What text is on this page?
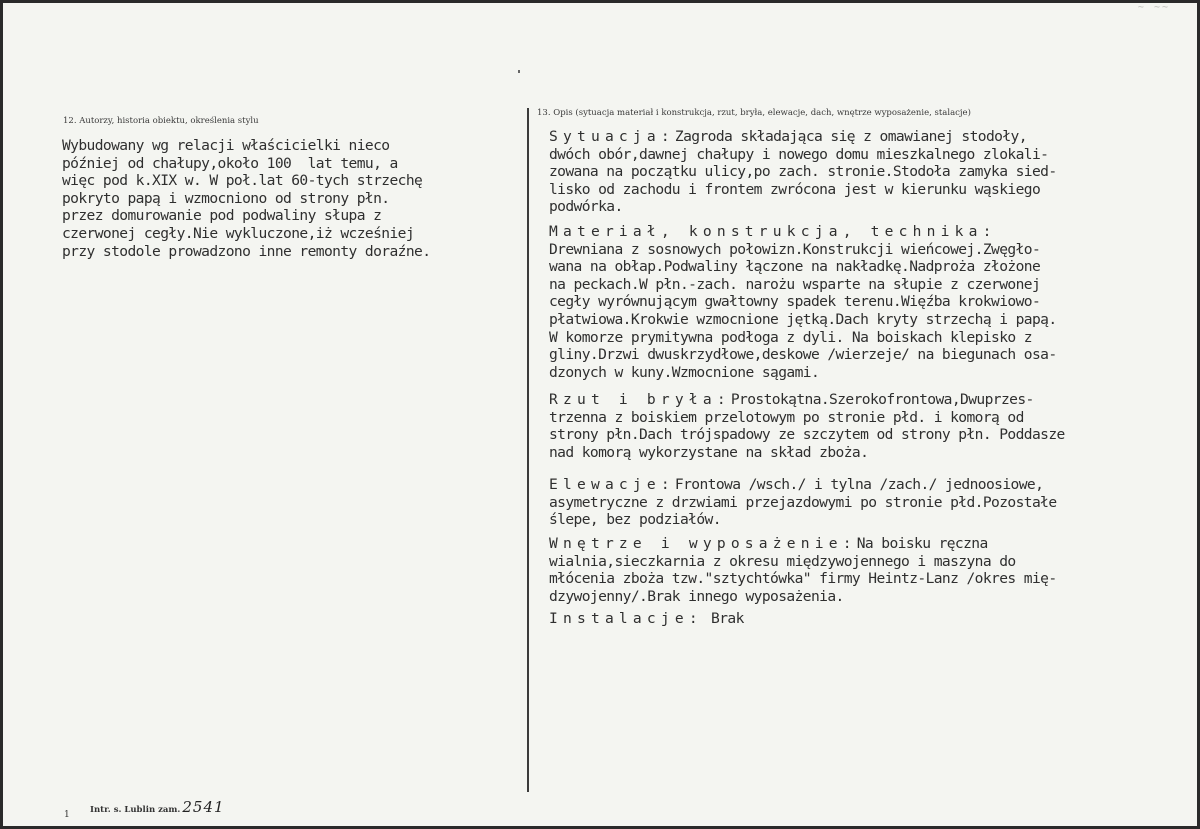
~ ~~
12. Autorzy, historia obiektu, określenia stylu
Wybudowany wg relacji właścicielki nieco
później od chałupy,około 100  lat temu, a
więc pod k.XIX w. W poł.lat 60-tych strzechę
pokryto papą i wzmocniono od strony płn.
przez domurowanie pod podwaliny słupa z
czerwonej cegły.Nie wykluczone,iż wcześniej
przy stodole prowadzono inne remonty doraźne.
13. Opis (sytuacja materiał i konstrukcja, rzut, bryła, elewacje, dach, wnętrze wyposażenie, stalacje)
Sytuacja:Zagroda składająca się z omawianej stodoły,
dwóch obór,dawnej chałupy i nowego domu mieszkalnego zlokali-
zowana na początku ulicy,po zach. stronie.Stodoła zamyka sied-
lisko od zachodu i frontem zwrócona jest w kierunku wąskiego
podwórka.
Materiał, konstrukcja, technika:
Drewniana z sosnowych połowizn.Konstrukcji wieńcowej.Zwęgło-
wana na obłap.Podwaliny łączone na nakładkę.Nadproża złożone
na peckach.W płn.-zach. narożu wsparte na słupie z czerwonej
cegły wyrównującym gwałtowny spadek terenu.Więźba krokwiowo-
płatwiowa.Krokwie wzmocnione jętką.Dach kryty strzechą i papą.
W komorze prymitywna podłoga z dyli. Na boiskach klepisko z
gliny.Drzwi dwuskrzydłowe,deskowe /wierzeje/ na biegunach osa-
dzonych w kuny.Wzmocnione sągami.
Rzut i bryła:Prostokątna.Szerokofrontowa,Dwuprzes-
trzenna z boiskiem przelotowym po stronie płd. i komorą od
strony płn.Dach trójspadowy ze szczytem od strony płn. Poddasze
nad komorą wykorzystane na skład zboża.
Elewacje:Frontowa /wsch./ i tylna /zach./ jednoosiowe,
asymetryczne z drzwiami przejazdowymi po stronie płd.Pozostałe
ślepe, bez podziałów.
Wnętrze i wyposażenie:Na boisku ręczna
wialnia,sieczkarnia z okresu międzywojennego i maszyna do
młócenia zboża tzw."sztychtówka" firmy Heintz-Lanz /okres mię-
dzywojenny/.Brak innego wyposażenia.
Instalacje: Brak
Intr. s. Lublin zam. 2541
1
